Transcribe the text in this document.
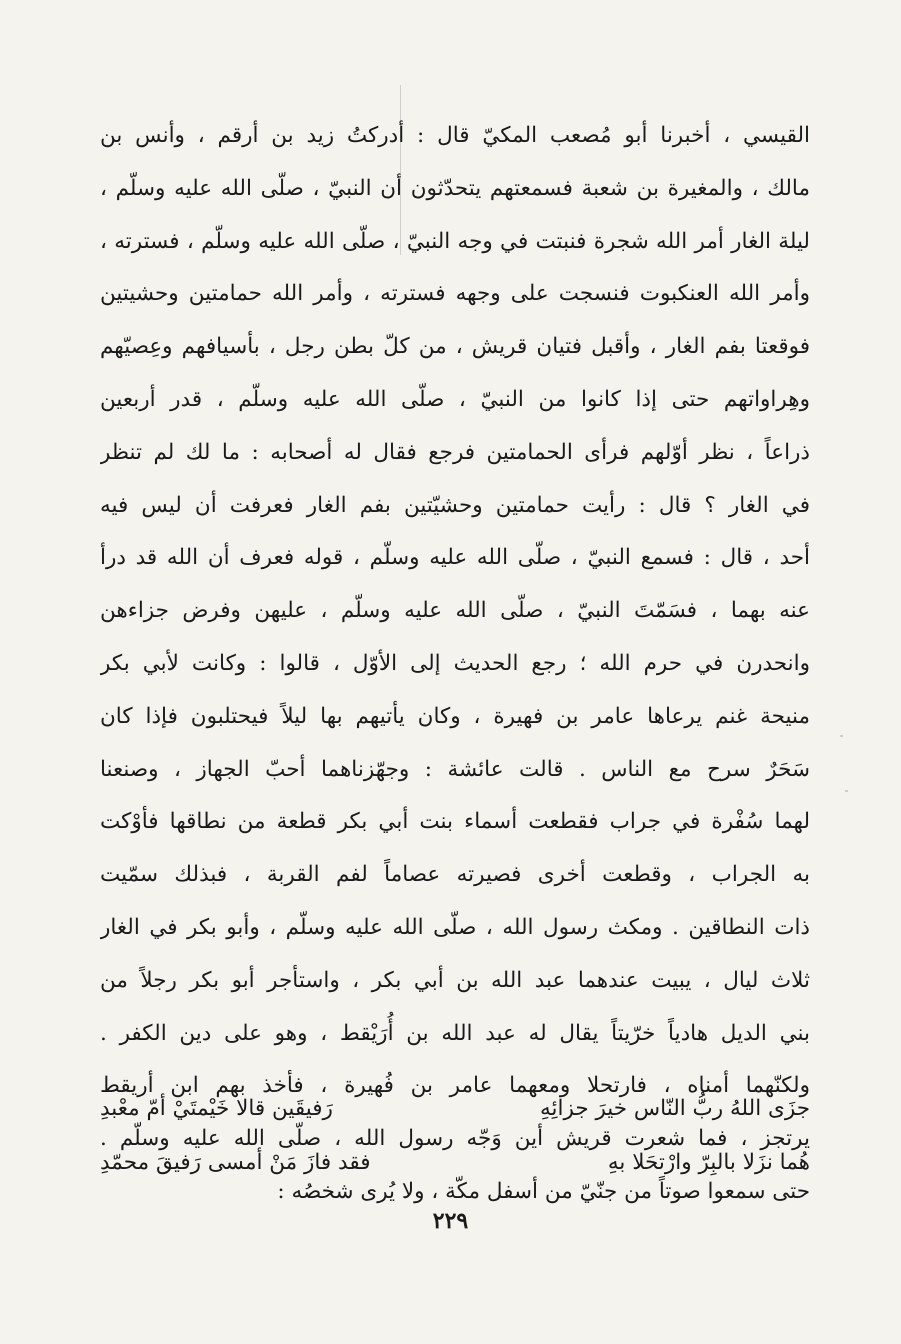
القيسي ، أخبرنا أبو مُصعب المكيّ قال : أدركتُ زيد بن أرقم ، وأنس بن
مالك ، والمغيرة بن شعبة فسمعتهم يتحدّثون أن النبيّ ، صلّى الله عليه وسلّم ،
ليلة الغار أمر الله شجرة فنبتت في وجه النبيّ ، صلّى الله عليه وسلّم ، فسترته ،
وأمر الله العنكبوت فنسجت على وجهه فسترته ، وأمر الله حمامتين وحشيتين
فوقعتا بفم الغار ، وأقبل فتيان قريش ، من كلّ بطن رجل ، بأسيافهم وعِصيّهم
وهِراواتهم حتى إذا كانوا من النبيّ ، صلّى الله عليه وسلّم ، قدر أربعين
ذراعاً ، نظر أوّلهم فرأى الحمامتين فرجع فقال له أصحابه : ما لك لم تنظر
في الغار ؟ قال : رأيت حمامتين وحشيّتين بفم الغار فعرفت أن ليس فيه
أحد ، قال : فسمع النبيّ ، صلّى الله عليه وسلّم ، قوله فعرف أن الله قد درأ
عنه بهما ، فسَمّتَ النبيّ ، صلّى الله عليه وسلّم ، عليهن وفرض جزاءهن
وانحدرن في حرم الله ؛ رجع الحديث إلى الأوّل ، قالوا : وكانت لأبي بكر
منيحة غنم يرعاها عامر بن فهيرة ، وكان يأتيهم بها ليلاً فيحتلبون فإذا كان
سَحَرٌ سرح مع الناس . قالت عائشة : وجهّزناهما أحبّ الجهاز ، وصنعنا
لهما سُفْرة في جراب فقطعت أسماء بنت أبي بكر قطعة من نطاقها فأوْكت
به الجراب ، وقطعت أخرى فصيرته عصاماً لفم القربة ، فبذلك سمّيت
ذات النطاقين . ومكث رسول الله ، صلّى الله عليه وسلّم ، وأبو بكر في الغار
ثلاث ليال ، يبيت عندهما عبد الله بن أبي بكر ، واستأجر أبو بكر رجلاً من
بني الديل هادياً خرّيتاً يقال له عبد الله بن أُرَيْقط ، وهو على دين الكفر .
ولكنّهما أمناه ، فارتحلا ومعهما عامر بن فُهيرة ، فأخذ بهم ابن أريقط
يرتجز ، فما شعرت قريش أين وَجّه رسول الله ، صلّى الله عليه وسلّم .
حتى سمعوا صوتاً من جنّيّ من أسفل مكّة ، ولا يُرى شخصُه :
جزَى اللهُ ربُّ النّاس خيرَ جزائِهِ
رَفيقَين قالا خَيْمتَيْ أمّ معْبدِ
هُما نزَلا بالبِرّ وارْتحَلا بهِ
فقد فازَ مَنْ أمسى رَفيقَ محمّدِ
٢٢٩
